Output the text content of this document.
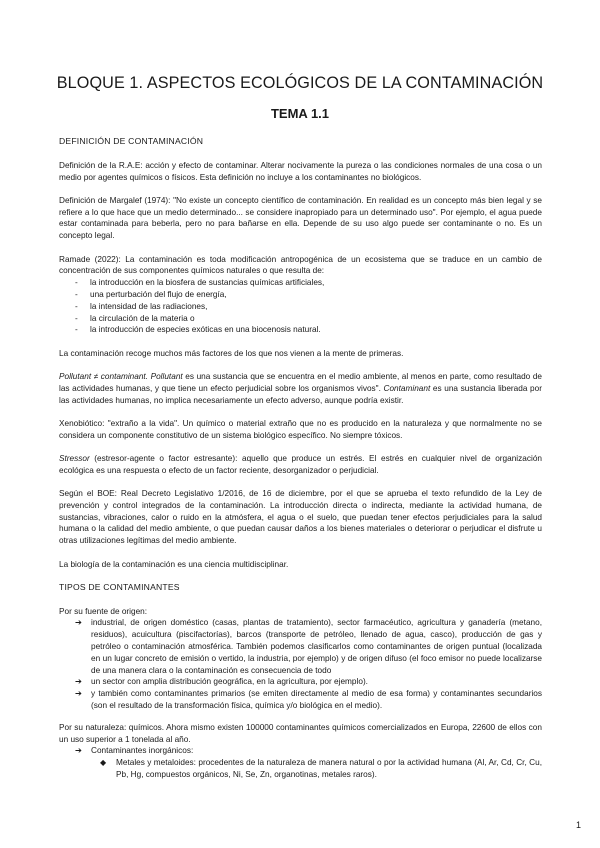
BLOQUE 1. ASPECTOS ECOLÓGICOS DE LA CONTAMINACIÓN
TEMA 1.1
DEFINICIÓN DE CONTAMINACIÓN

Definición de la R.A.E: acción y efecto de contaminar. Alterar nocivamente la pureza o las condiciones normales de una cosa o un medio por agentes químicos o físicos. Esta definición no incluye a los contaminantes no biológicos.

Definición de Margalef (1974): "No existe un concepto científico de contaminación. En realidad es un concepto más bien legal y se refiere a lo que hace que un medio determinado... se considere inapropiado para un determinado uso". Por ejemplo, el agua puede estar contaminada para beberla, pero no para bañarse en ella. Depende de su uso algo puede ser contaminante o no. Es un concepto legal.

Ramade (2022): La contaminación es toda modificación antropogénica de un ecosistema que se traduce en un cambio de concentración de sus componentes químicos naturales o que resulta de:

- la introducción en la biosfera de sustancias químicas artificiales,
- una perturbación del flujo de energía,
- la intensidad de las radiaciones,
- la circulación de la materia o
- la introducción de especies exóticas en una biocenosis natural.

La contaminación recoge muchos más factores de los que nos vienen a la mente de primeras.

Pollutant ≠ contaminant. Pollutant es una sustancia que se encuentra en el medio ambiente, al menos en parte, como resultado de las actividades humanas, y que tiene un efecto perjudicial sobre los organismos vivos". Contaminant es una sustancia liberada por las actividades humanas, no implica necesariamente un efecto adverso, aunque podría existir.

Xenobiótico: "extraño a la vida". Un químico o material extraño que no es producido en la naturaleza y que normalmente no se considera un componente constitutivo de un sistema biológico específico. No siempre tóxicos.

Stressor (estresor-agente o factor estresante): aquello que produce un estrés. El estrés en cualquier nivel de organización ecológica es una respuesta o efecto de un factor reciente, desorganizador o perjudicial.

Según el BOE: Real Decreto Legislativo 1/2016, de 16 de diciembre, por el que se aprueba el texto refundido de la Ley de prevención y control integrados de la contaminación. La introducción directa o indirecta, mediante la actividad humana, de sustancias, vibraciones, calor o ruido en la atmósfera, el agua o el suelo, que puedan tener efectos perjudiciales para la salud humana o la calidad del medio ambiente, o que puedan causar daños a los bienes materiales o deteriorar o perjudicar el disfrute u otras utilizaciones legítimas del medio ambiente.

La biología de la contaminación es una ciencia multidisciplinar.

TIPOS DE CONTAMINANTES

Por su fuente de origen:

➔ industrial, de origen doméstico (casas, plantas de tratamiento), sector farmacéutico, agricultura y ganadería (metano, residuos), acuicultura (piscifactorías), barcos (transporte de petróleo, llenado de agua, casco), producción de gas y petróleo o contaminación atmosférica. También podemos clasificarlos como contaminantes de origen puntual (localizada en un lugar concreto de emisión o vertido, la industria, por ejemplo) y de origen difuso (el foco emisor no puede localizarse de una manera clara o la contaminación es consecuencia de todo
➔ un sector con amplia distribución geográfica, en la agricultura, por ejemplo).
➔ y también como contaminantes primarios (se emiten directamente al medio de esa forma) y contaminantes secundarios (son el resultado de la transformación física, química y/o biológica en el medio).

Por su naturaleza: químicos. Ahora mismo existen 100000 contaminantes químicos comercializados en Europa, 22600 de ellos con un uso superior a 1 tonelada al año.

➔ Contaminantes inorgánicos:
◆ Metales y metaloides: procedentes de la naturaleza de manera natural o por la actividad humana (Al, Ar, Cd, Cr, Cu, Pb, Hg, compuestos orgánicos, Ni, Se, Zn, organotinas, metales raros).

1
